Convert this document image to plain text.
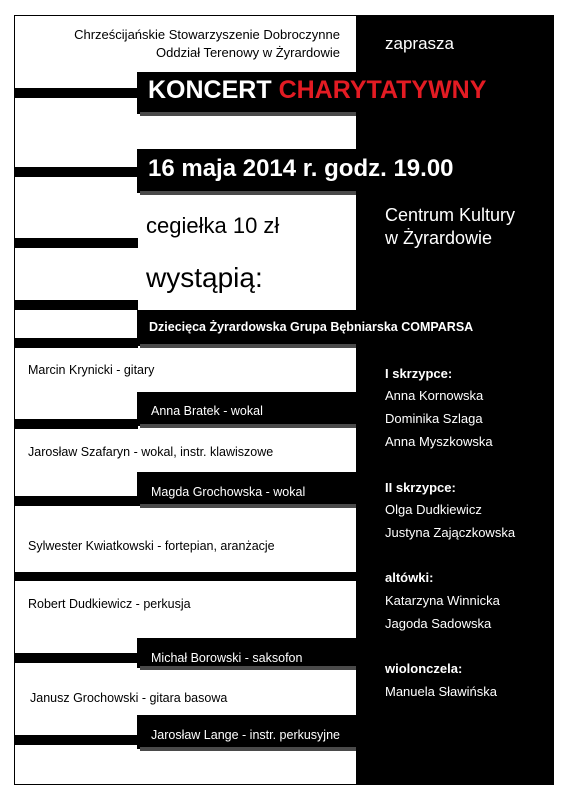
Chrześcijańskie Stowarzyszenie Dobroczynne
Oddział Terenowy w Żyrardowie	zaprasza
KONCERT CHARYTATYWNY
16 maja 2014 r. godz. 19.00
cegiełka 10 zł	Centrum Kultury
w Żyrardowie
wystąpią:
Dziecięca Żyrardowska Grupa Bębniarska COMPARSA
Marcin Krynicki - gitary
Anna Bratek - wokal
Jarosław Szafaryn - wokal, instr. klawiszowe
Magda Grochowska - wokal
Sylwester Kwiatkowski - fortepian, aranżacje
Robert Dudkiewicz - perkusja
Michał Borowski - saksofon
Janusz Grochowski - gitara basowa
Jarosław Lange - instr. perkusyjne
I skrzypce:
Anna Kornowska
Dominika Szlaga
Anna Myszkowska
II skrzypce:
Olga Dudkiewicz
Justyna Zajączkowska
altówki:
Katarzyna Winnicka
Jagoda Sadowska
wiolonczela:
Manuela Sławińska
